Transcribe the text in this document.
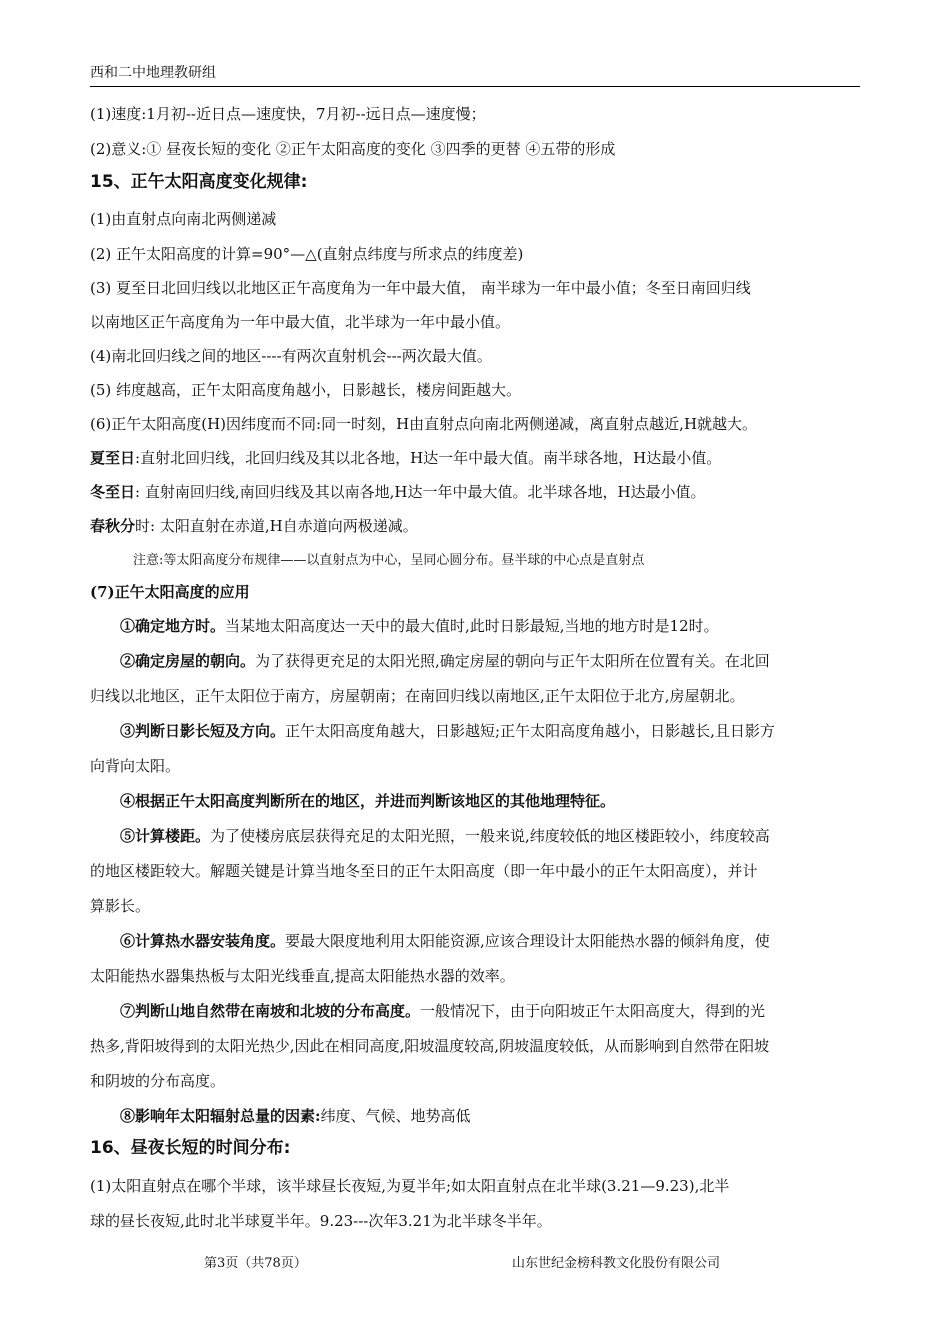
西和二中地理教研组

(1)速度:1月初--近日点—速度快，7月初--远日点—速度慢；

(2)意义:① 昼夜长短的变化 ②正午太阳高度的变化 ③四季的更替 ④五带的形成

15、正午太阳高度变化规律:

(1)由直射点向南北两侧递减

(2) 正午太阳高度的计算=90°—△(直射点纬度与所求点的纬度差)

(3) 夏至日北回归线以北地区正午高度角为一年中最大值， 南半球为一年中最小值；冬至日南回归线

以南地区正午高度角为一年中最大值，北半球为一年中最小值。

(4)南北回归线之间的地区----有两次直射机会---两次最大值。

(5) 纬度越高，正午太阳高度角越小，日影越长，楼房间距越大。

(6)正午太阳高度(H)因纬度而不同:同一时刻，H由直射点向南北两侧递减，离直射点越近,H就越大。

夏至日:直射北回归线，北回归线及其以北各地，H达一年中最大值。南半球各地，H达最小值。

冬至日: 直射南回归线,南回归线及其以南各地,H达一年中最大值。北半球各地，H达最小值。

春秋分时: 太阳直射在赤道,H自赤道向两极递减。

注意:等太阳高度分布规律——以直射点为中心，呈同心圆分布。昼半球的中心点是直射点

(7)正午太阳高度的应用

①确定地方时。当某地太阳高度达一天中的最大值时,此时日影最短,当地的地方时是12时。

②确定房屋的朝向。为了获得更充足的太阳光照,确定房屋的朝向与正午太阳所在位置有关。在北回

归线以北地区，正午太阳位于南方，房屋朝南；在南回归线以南地区,正午太阳位于北方,房屋朝北。

③判断日影长短及方向。正午太阳高度角越大，日影越短;正午太阳高度角越小，日影越长,且日影方

向背向太阳。

④根据正午太阳高度判断所在的地区，并进而判断该地区的其他地理特征。

⑤计算楼距。为了使楼房底层获得充足的太阳光照，一般来说,纬度较低的地区楼距较小，纬度较高

的地区楼距较大。解题关键是计算当地冬至日的正午太阳高度（即一年中最小的正午太阳高度），并计

算影长。

⑥计算热水器安装角度。要最大限度地利用太阳能资源,应该合理设计太阳能热水器的倾斜角度，使

太阳能热水器集热板与太阳光线垂直,提高太阳能热水器的效率。

⑦判断山地自然带在南坡和北坡的分布高度。一般情况下，由于向阳坡正午太阳高度大，得到的光

热多,背阳坡得到的太阳光热少,因此在相同高度,阳坡温度较高,阴坡温度较低，从而影响到自然带在阳坡

和阴坡的分布高度。

⑧影响年太阳辐射总量的因素:纬度、气候、地势高低

16、昼夜长短的时间分布:

(1)太阳直射点在哪个半球，该半球昼长夜短,为夏半年;如太阳直射点在北半球(3.21—9.23),北半

球的昼长夜短,此时北半球夏半年。9.23---次年3.21为北半球冬半年。

第3页（共78页）	山东世纪金榜科教文化股份有限公司
